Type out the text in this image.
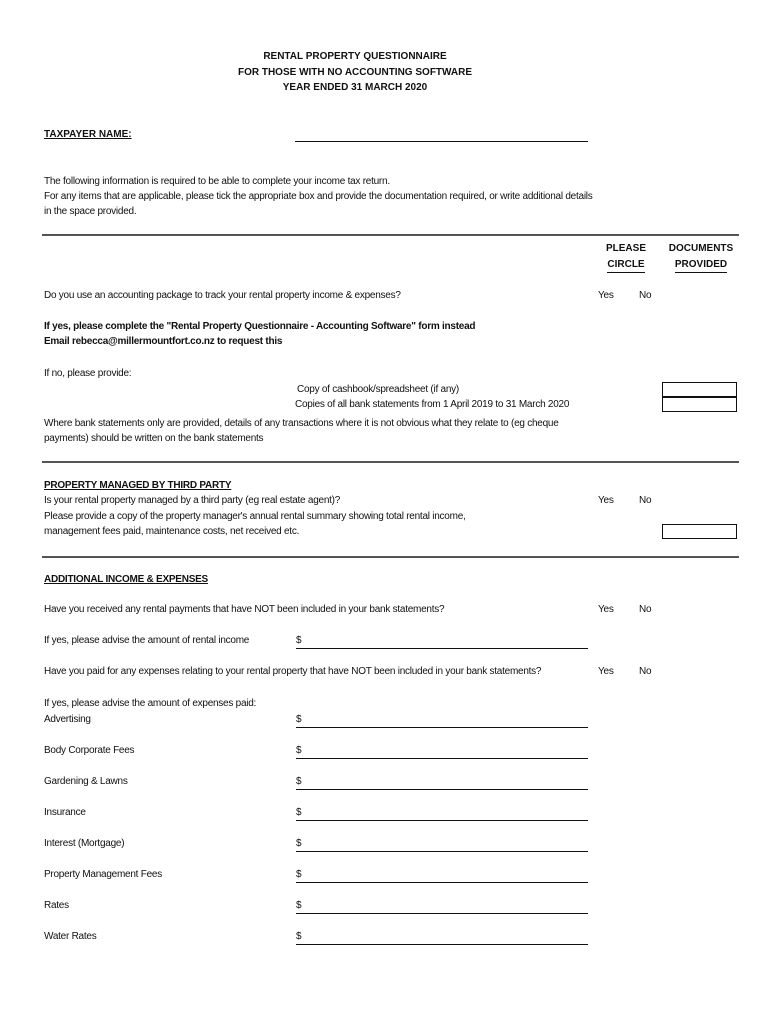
RENTAL PROPERTY QUESTIONNAIRE
FOR THOSE WITH NO ACCOUNTING SOFTWARE
YEAR ENDED 31 MARCH 2020
TAXPAYER NAME:
The following information is required to be able to complete your income tax return.
For any items that are applicable, please tick the appropriate box and provide the documentation required, or write additional details
in the space provided.
PLEASE
CIRCLE
DOCUMENTS
PROVIDED
Do you use an accounting package to track your rental property income & expenses?	Yes	No
If yes, please complete the "Rental Property Questionnaire - Accounting Software" form instead
Email rebecca@millermountfort.co.nz to request this
If no, please provide:
Copy of cashbook/spreadsheet (if any)
Copies of all bank statements from 1 April 2019 to 31 March 2020
Where bank statements only are provided, details of any transactions where it is not obvious what they relate to (eg cheque
payments) should be written on the bank statements
PROPERTY MANAGED BY THIRD PARTY
Is your rental property managed by a third party (eg real estate agent)?	Yes	No
Please provide a copy of the property manager's annual rental summary showing total rental income,
management fees paid, maintenance costs, net received etc.
ADDITIONAL INCOME & EXPENSES
Have you received any rental payments that have NOT been included in your bank statements?	Yes	No
If yes, please advise the amount of rental income	$
Have you paid for any expenses relating to your rental property that have NOT been included in your bank statements?	Yes	No
If yes, please advise the amount of expenses paid:
Advertising	$
Body Corporate Fees	$
Gardening & Lawns	$
Insurance	$
Interest (Mortgage)	$
Property Management Fees	$
Rates	$
Water Rates	$
